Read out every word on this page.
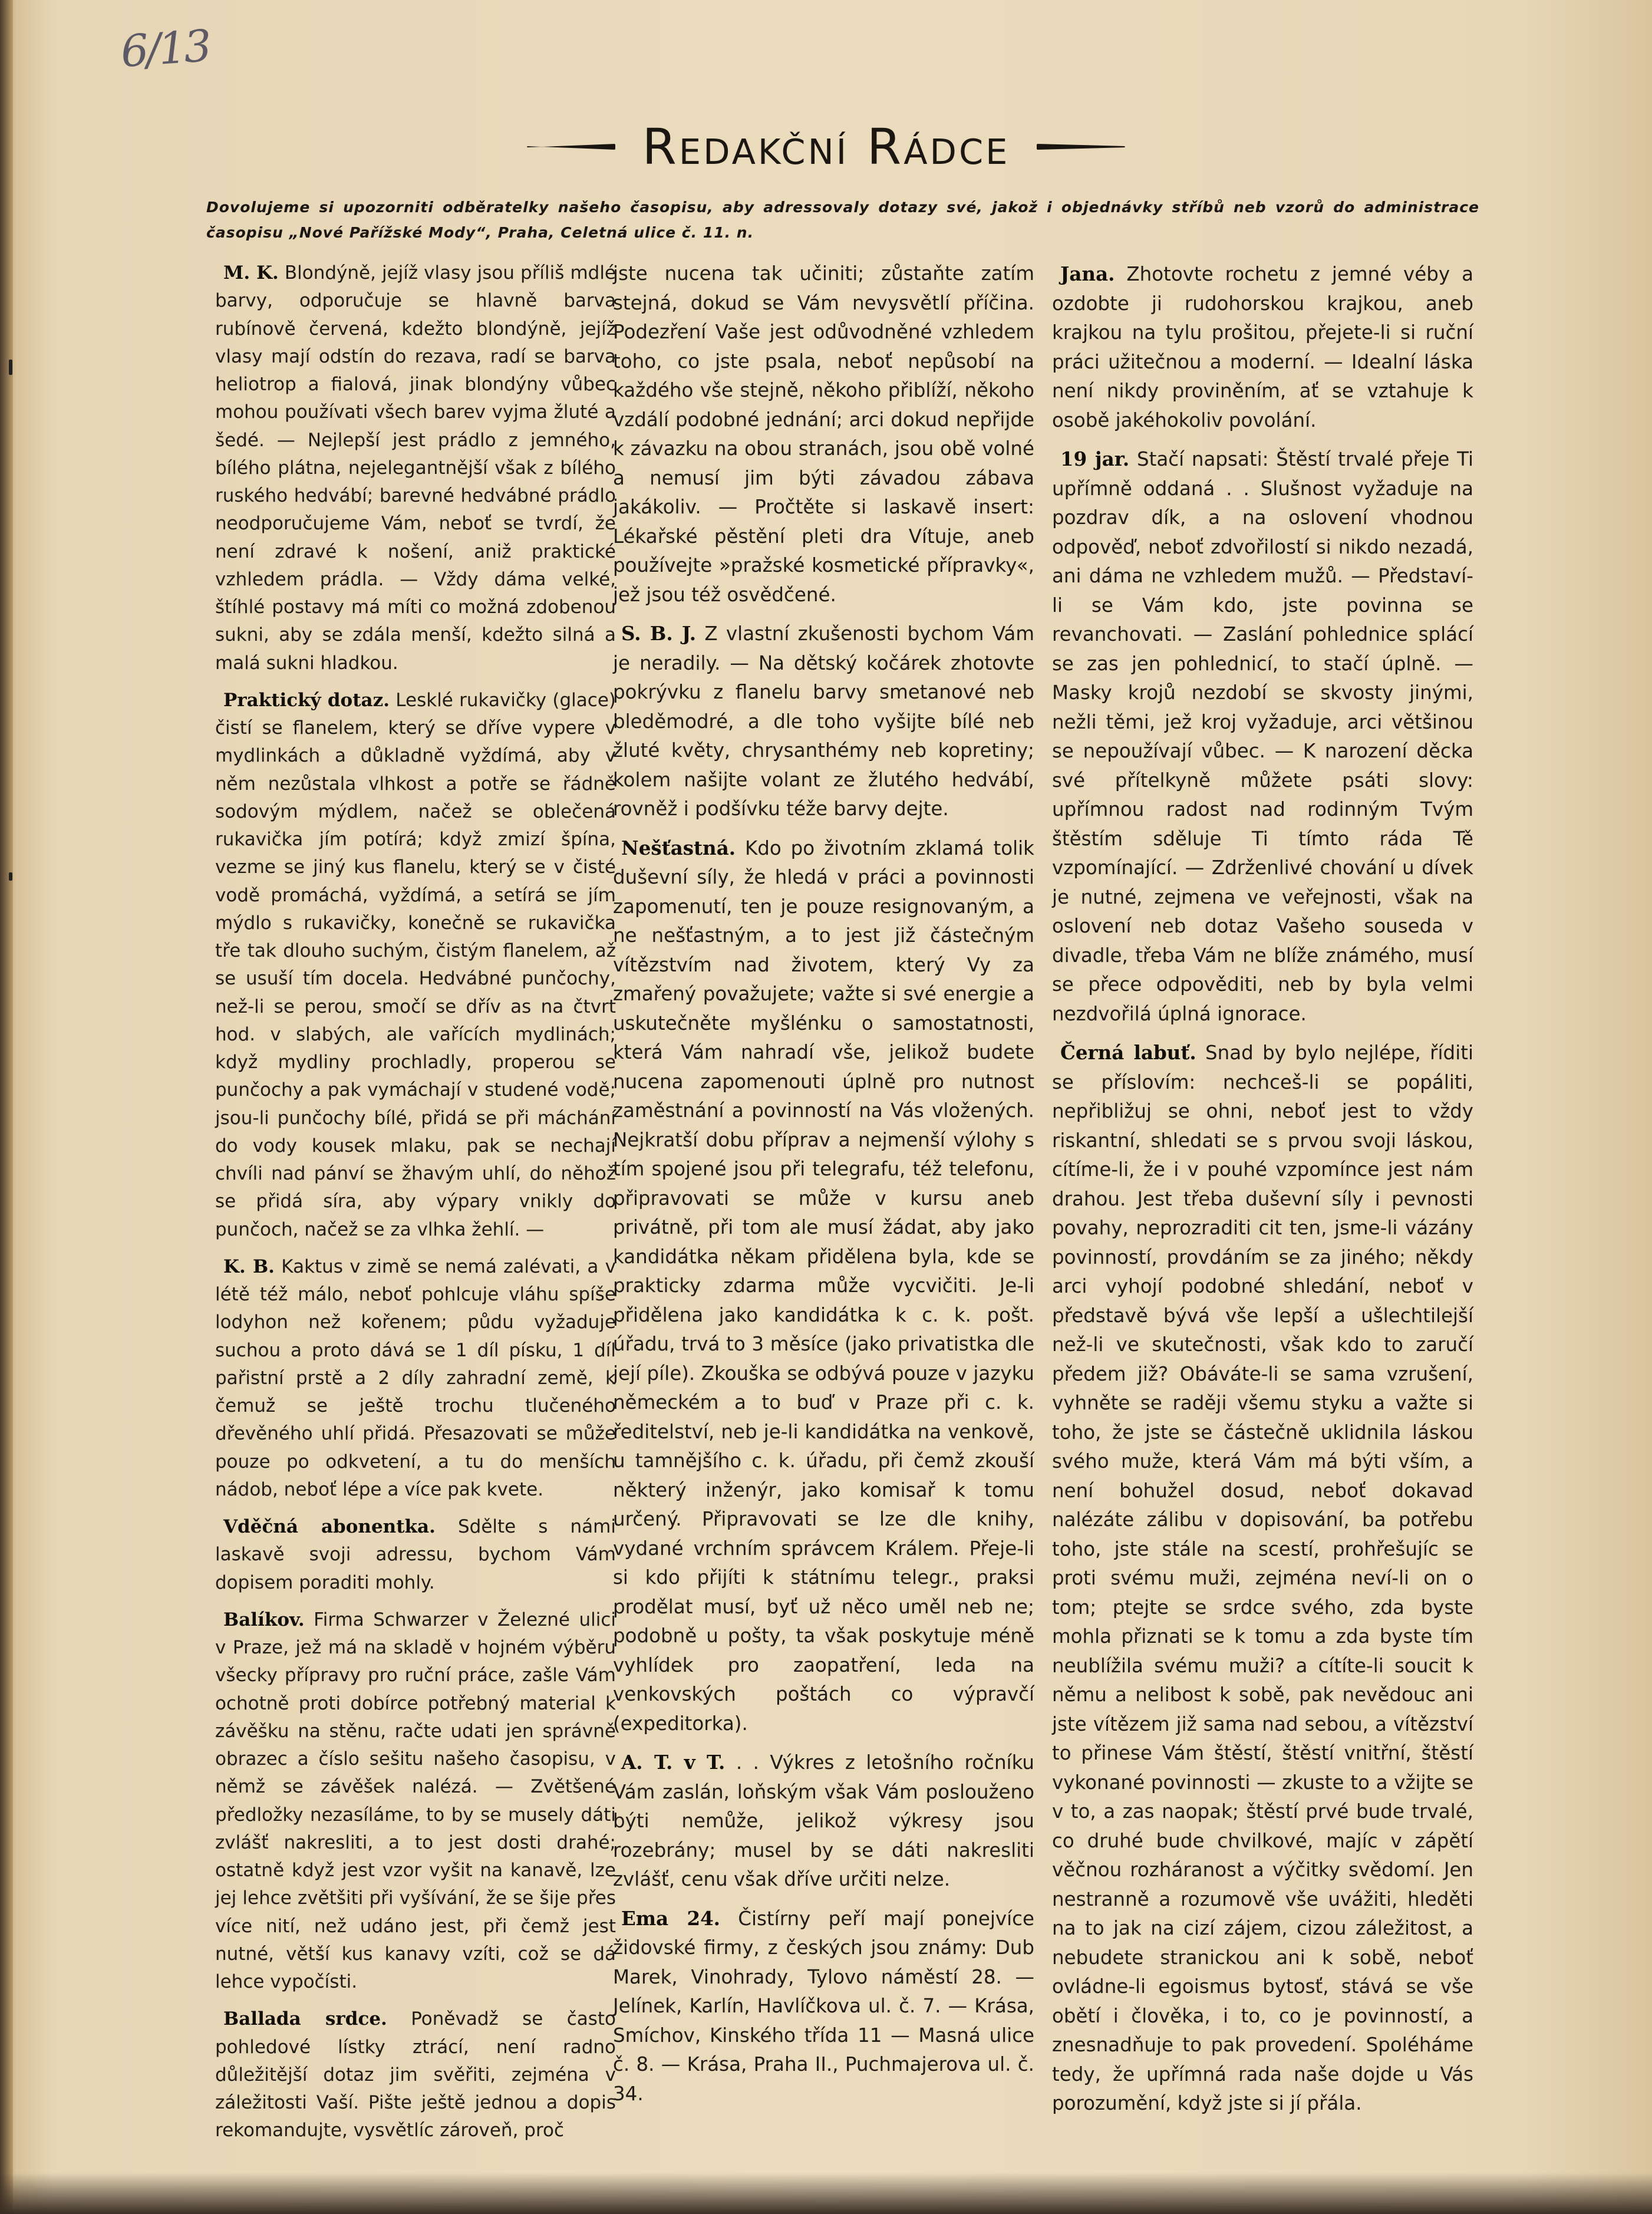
6/13
Redakční Rádce
Dovolujeme si upozorniti odběratelky našeho časopisu, aby adressovaly dotazy své, jakož i objednávky stříbů neb vzorů do administrace časopisu „Nové Pařížské Mody“, Praha, Celetná ulice č. 11. n.

M. K. Blondýně, jejíž vlasy jsou příliš mdlé barvy, odporučuje se hlavně barva rubínově červená, kdežto blondýně, jejíž vlasy mají odstín do rezava, radí se barva heliotrop a fialová, jinak blondýny vůbec mohou používati všech barev vyjma žluté a šedé. — Nejlepší jest prádlo z jemného, bílého plátna, nejelegantnější však z bílého ruského hedvábí; barevné hedvábné prádlo neodporučujeme Vám, neboť se tvrdí, že není zdravé k nošení, aniž praktické vzhledem prádla. — Vždy dáma velké, štíhlé postavy má míti co možná zdobenou sukni, aby se zdála menší, kdežto silná a malá sukni hladkou.

Praktický dotaz. Lesklé rukavičky (glace) čistí se flanelem, který se dříve vypere v mydlinkách a důkladně vyždímá, aby v něm nezůstala vlhkost a potře se řádně sodovým mýdlem, načež se oblečená rukavička jím potírá; když zmizí špína, vezme se jiný kus flanelu, který se v čisté vodě promáchá, vyždímá, a setírá se jím mýdlo s rukavičky, konečně se rukavička tře tak dlouho suchým, čistým flanelem, až se usuší tím docela. Hedvábné punčochy, než-li se perou, smočí se dřív as na čtvrt hod. v slabých, ale vařících mydlinách; když mydliny prochladly, properou se punčochy a pak vymáchají v studené vodě; jsou-li punčochy bílé, přidá se při máchání do vody kousek mlaku, pak se nechají chvíli nad pánví se žhavým uhlí, do něhož se přidá síra, aby výpary vnikly do punčoch, načež se za vlhka žehlí. —

K. B. Kaktus v zimě se nemá zalévati, a v létě též málo, neboť pohlcuje vláhu spíše lodyhon než kořenem; půdu vyžaduje suchou a proto dává se 1 díl písku, 1 díl pařistní prstě a 2 díly zahradní země, k čemuž se ještě trochu tlučeného dřevěného uhlí přidá. Přesazovati se může pouze po odkvetení, a tu do menších nádob, neboť lépe a více pak kvete.

Vděčná abonentka. Sdělte s námi laskavě svoji adressu, bychom Vám dopisem poraditi mohly.

Balíkov. Firma Schwarzer v Železné ulici v Praze, jež má na skladě v hojném výběru všecky přípravy pro ruční práce, zašle Vám ochotně proti dobírce potřebný material k závěšku na stěnu, račte udati jen správně obrazec a číslo sešitu našeho časopisu, v němž se závěšek nalézá. — Zvětšené předložky nezasíláme, to by se musely dáti zvlášť nakresliti, a to jest dosti drahé; ostatně když jest vzor vyšit na kanavě, lze jej lehce zvětšiti při vyšívání, že se šije přes více nití, než udáno jest, při čemž jest nutné, větší kus kanavy vzíti, což se dá lehce vypočísti.

Ballada srdce. Poněvadž se často pohledové lístky ztrácí, není radno důležitější dotaz jim svěřiti, zejména v záležitosti Vaší. Pište ještě jednou a dopis rekomandujte, vysvětlíc zároveň, proč

jste nucena tak učiniti; zůstaňte zatím stejná, dokud se Vám nevysvětlí příčina. Podezření Vaše jest odůvodněné vzhledem toho, co jste psala, neboť nepůsobí na každého vše stejně, někoho přiblíží, někoho vzdálí podobné jednání; arci dokud nepřijde k závazku na obou stranách, jsou obě volné a nemusí jim býti závadou zábava jakákoliv. — Pročtěte si laskavě insert: Lékařské pěstění pleti dra Vítuje, aneb používejte »pražské kosmetické přípravky«, jež jsou též osvědčené.

S. B. J. Z vlastní zkušenosti bychom Vám je neradily. — Na dětský kočárek zhotovte pokrývku z flanelu barvy smetanové neb bleděmodré, a dle toho vyšijte bílé neb žluté květy, chrysanthémy neb kopretiny; kolem našijte volant ze žlutého hedvábí, rovněž i podšívku téže barvy dejte.

Nešťastná. Kdo po životním zklamá tolik duševní síly, že hledá v práci a povinnosti zapomenutí, ten je pouze resignovaným, a ne nešťastným, a to jest již částečným vítězstvím nad životem, který Vy za zmařený považujete; važte si své energie a uskutečněte myšlénku o samostatnosti, která Vám nahradí vše, jelikož budete nucena zapomenouti úplně pro nutnost zaměstnání a povinností na Vás vložených. Nejkratší dobu příprav a nejmenší výlohy s tím spojené jsou při telegrafu, též telefonu, připravovati se může v kursu aneb privátně, při tom ale musí žádat, aby jako kandidátka někam přidělena byla, kde se prakticky zdarma může vycvičiti. Je-li přidělena jako kandidátka k c. k. pošt. úřadu, trvá to 3 měsíce (jako privatistka dle její píle). Zkouška se odbývá pouze v jazyku německém a to buď v Praze při c. k. ředitelství, neb je-li kandidátka na venkově, u tamnějšího c. k. úřadu, při čemž zkouší některý inženýr, jako komisař k tomu určený. Připravovati se lze dle knihy, vydané vrchním správcem Králem. Přeje-li si kdo přijíti k státnímu telegr., praksi prodělat musí, byť už něco uměl neb ne; podobně u pošty, ta však poskytuje méně vyhlídek pro zaopatření, leda na venkovských poštách co výpravčí (expeditorka).

A. T. v T. . . Výkres z letošního ročníku Vám zaslán, loňským však Vám poslouženo býti nemůže, jelikož výkresy jsou rozebrány; musel by se dáti nakresliti zvlášť, cenu však dříve určiti nelze.

Ema 24. Čistírny peří mají ponejvíce židovské firmy, z českých jsou známy: Dub Marek, Vinohrady, Tylovo náměstí 28. — Jelínek, Karlín, Havlíčkova ul. č. 7. — Krása, Smíchov, Kinského třída 11 — Masná ulice č. 8. — Krása, Praha II., Puchmajerova ul. č. 34.

Jana. Zhotovte rochetu z jemné véby a ozdobte ji rudohorskou krajkou, aneb krajkou na tylu prošitou, přejete-li si ruční práci užitečnou a moderní. — Idealní láska není nikdy proviněním, ať se vztahuje k osobě jakéhokoliv povolání.

19 jar. Stačí napsati: Štěstí trvalé přeje Ti upřímně oddaná . . Slušnost vyžaduje na pozdrav dík, a na oslovení vhodnou odpověď, neboť zdvořilostí si nikdo nezadá, ani dáma ne vzhledem mužů. — Představí-li se Vám kdo, jste povinna se revanchovati. — Zaslání pohlednice splácí se zas jen pohlednicí, to stačí úplně. — Masky krojů nezdobí se skvosty jinými, nežli těmi, jež kroj vyžaduje, arci většinou se nepoužívají vůbec. — K narození děcka své přítelkyně můžete psáti slovy: upřímnou radost nad rodinným Tvým štěstím sděluje Ti tímto ráda Tě vzpomínající. — Zdrženlivé chování u dívek je nutné, zejmena ve veřejnosti, však na oslovení neb dotaz Vašeho souseda v divadle, třeba Vám ne blíže známého, musí se přece odpověditi, neb by byla velmi nezdvořilá úplná ignorace.

Černá labuť. Snad by bylo nejlépe, říditi se příslovím: nechceš-li se popáliti, nepřibližuj se ohni, neboť jest to vždy riskantní, shledati se s prvou svoji láskou, cítíme-li, že i v pouhé vzpomínce jest nám drahou. Jest třeba duševní síly i pevnosti povahy, neprozraditi cit ten, jsme-li vázány povinností, provdáním se za jiného; někdy arci vyhojí podobné shledání, neboť v představě bývá vše lepší a ušlechtilejší než-li ve skutečnosti, však kdo to zaručí předem již? Obáváte-li se sama vzrušení, vyhněte se raději všemu styku a važte si toho, že jste se částečně uklidnila láskou svého muže, která Vám má býti vším, a není bohužel dosud, neboť dokavad nalézáte zálibu v dopisování, ba potřebu toho, jste stále na scestí, prohřešujíc se proti svému muži, zejména neví-li on o tom; ptejte se srdce svého, zda byste mohla přiznati se k tomu a zda byste tím neublížila svému muži? a cítíte-li soucit k němu a nelibost k sobě, pak nevědouc ani jste vítězem již sama nad sebou, a vítězství to přinese Vám štěstí, štěstí vnitřní, štěstí vykonané povinnosti — zkuste to a vžijte se v to, a zas naopak; štěstí prvé bude trvalé, co druhé bude chvilkové, majíc v zápětí věčnou rozháranost a výčitky svědomí. Jen nestranně a rozumově vše uvážiti, hleděti na to jak na cizí zájem, cizou záležitost, a nebudete stranickou ani k sobě, neboť ovládne-li egoismus bytosť, stává se vše obětí i člověka, i to, co je povinností, a znesnadňuje to pak provedení. Spoléháme tedy, že upřímná rada naše dojde u Vás porozumění, když jste si jí přála.
